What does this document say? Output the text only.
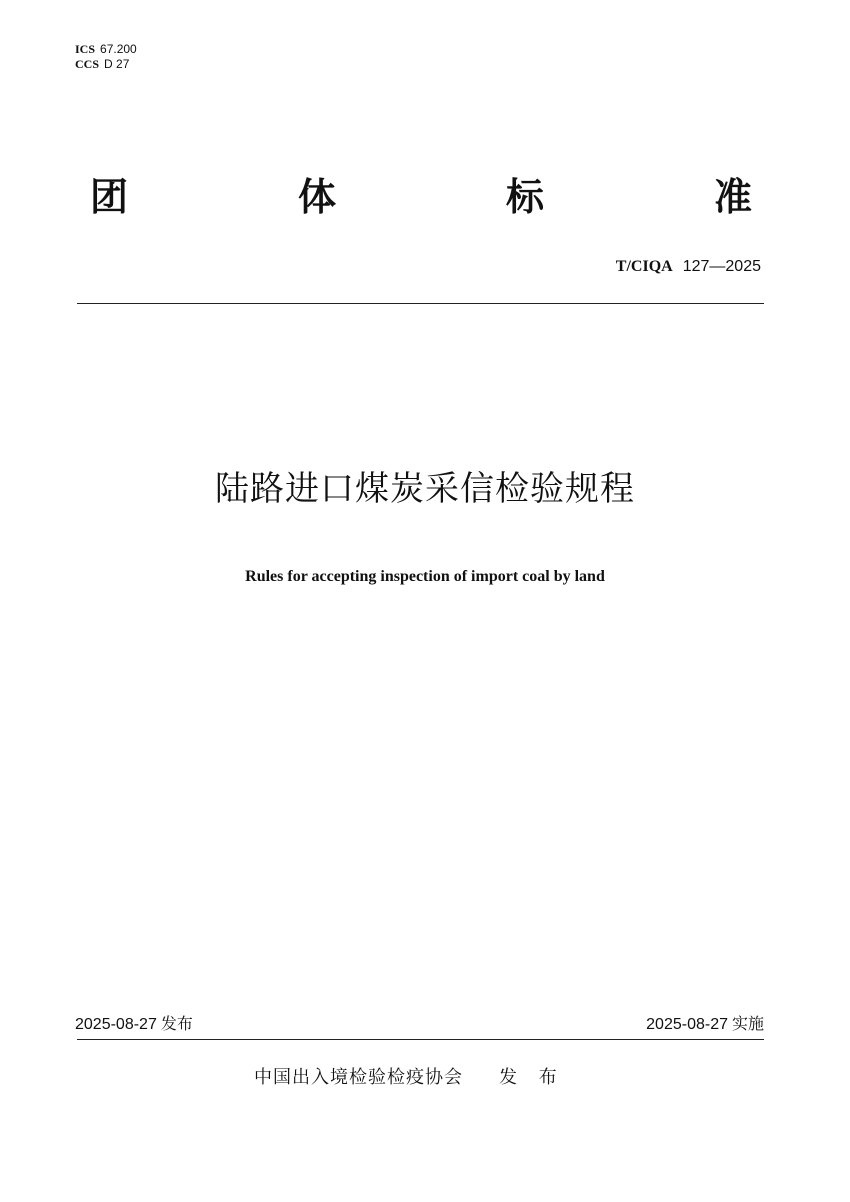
ICS 67.200
CCS D 27
团	体	标	准
T/CIQA 127—2025
陆路进口煤炭采信检验规程
Rules for accepting inspection of import coal by land
2025-08-27 发布	2025-08-27 实施
中国出入境检验检疫协会 发 布
